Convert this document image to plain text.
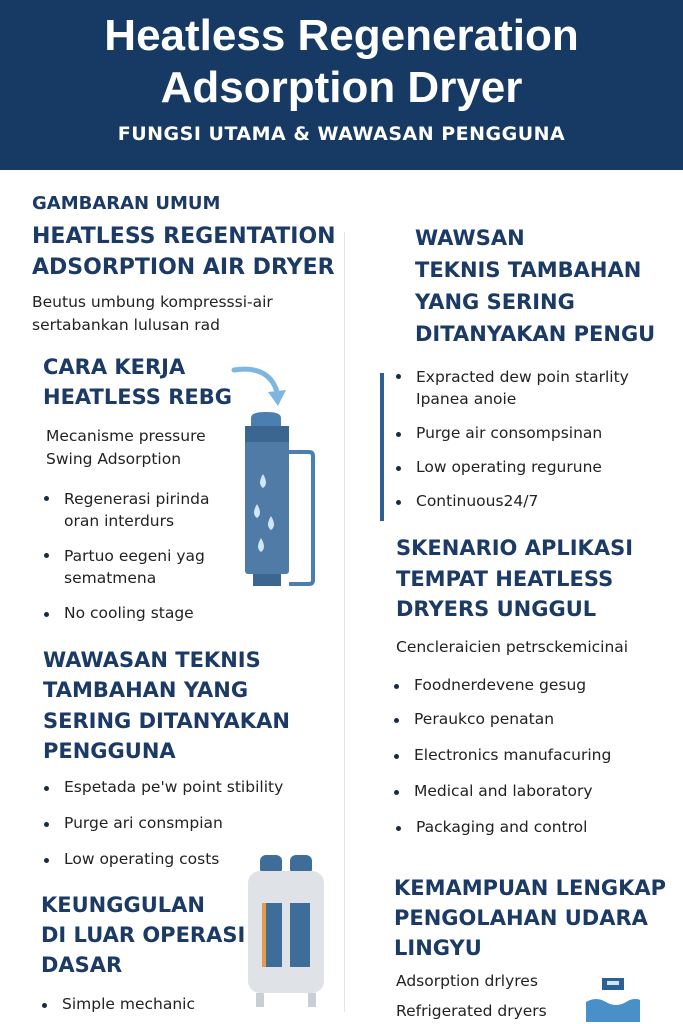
Heatless Regeneration
Adsorption Dryer
FUNGSI UTAMA & WAWASAN PENGGUNA
GAMBARAN UMUM
HEATLESS REGENTATION
ADSORPTION AIR DRYER
Beutus umbung kompresssi-air
sertabankan lulusan rad
CARA KERJA
HEATLESS REBG
Mecanisme pressure
Swing Adsorption
Regenerasi pirinda
oran interdurs
Partuo eegeni yag
sematmena
No cooling stage
WAWASAN TEKNIS
TAMBAHAN YANG
SERING DITANYAKAN
PENGGUNA
Espetada pe'w point stibility
Purge ari consmpian
Low operating costs
KEUNGGULAN
DI LUAR OPERASI
DASAR
Simple mechanic
WAWSAN
TEKNIS TAMBAHAN
YANG SERING
DITANYAKAN PENGU
Expracted dew poin starlity
Ipanea anoie
Purge air consompsinan
Low operating regurune
Continuous24/7
SKENARIO APLIKASI
TEMPAT HEATLESS
DRYERS UNGGUL
Cencleraicien petrsckemicinai
Foodnerdevene gesug
Peraukco penatan
Electronics manufacuring
Medical and laboratory
Packaging and control
KEMAMPUAN LENGKAP
PENGOLAHAN UDARA
LINGYU
Adsorption drlyres
Refrigerated dryers
